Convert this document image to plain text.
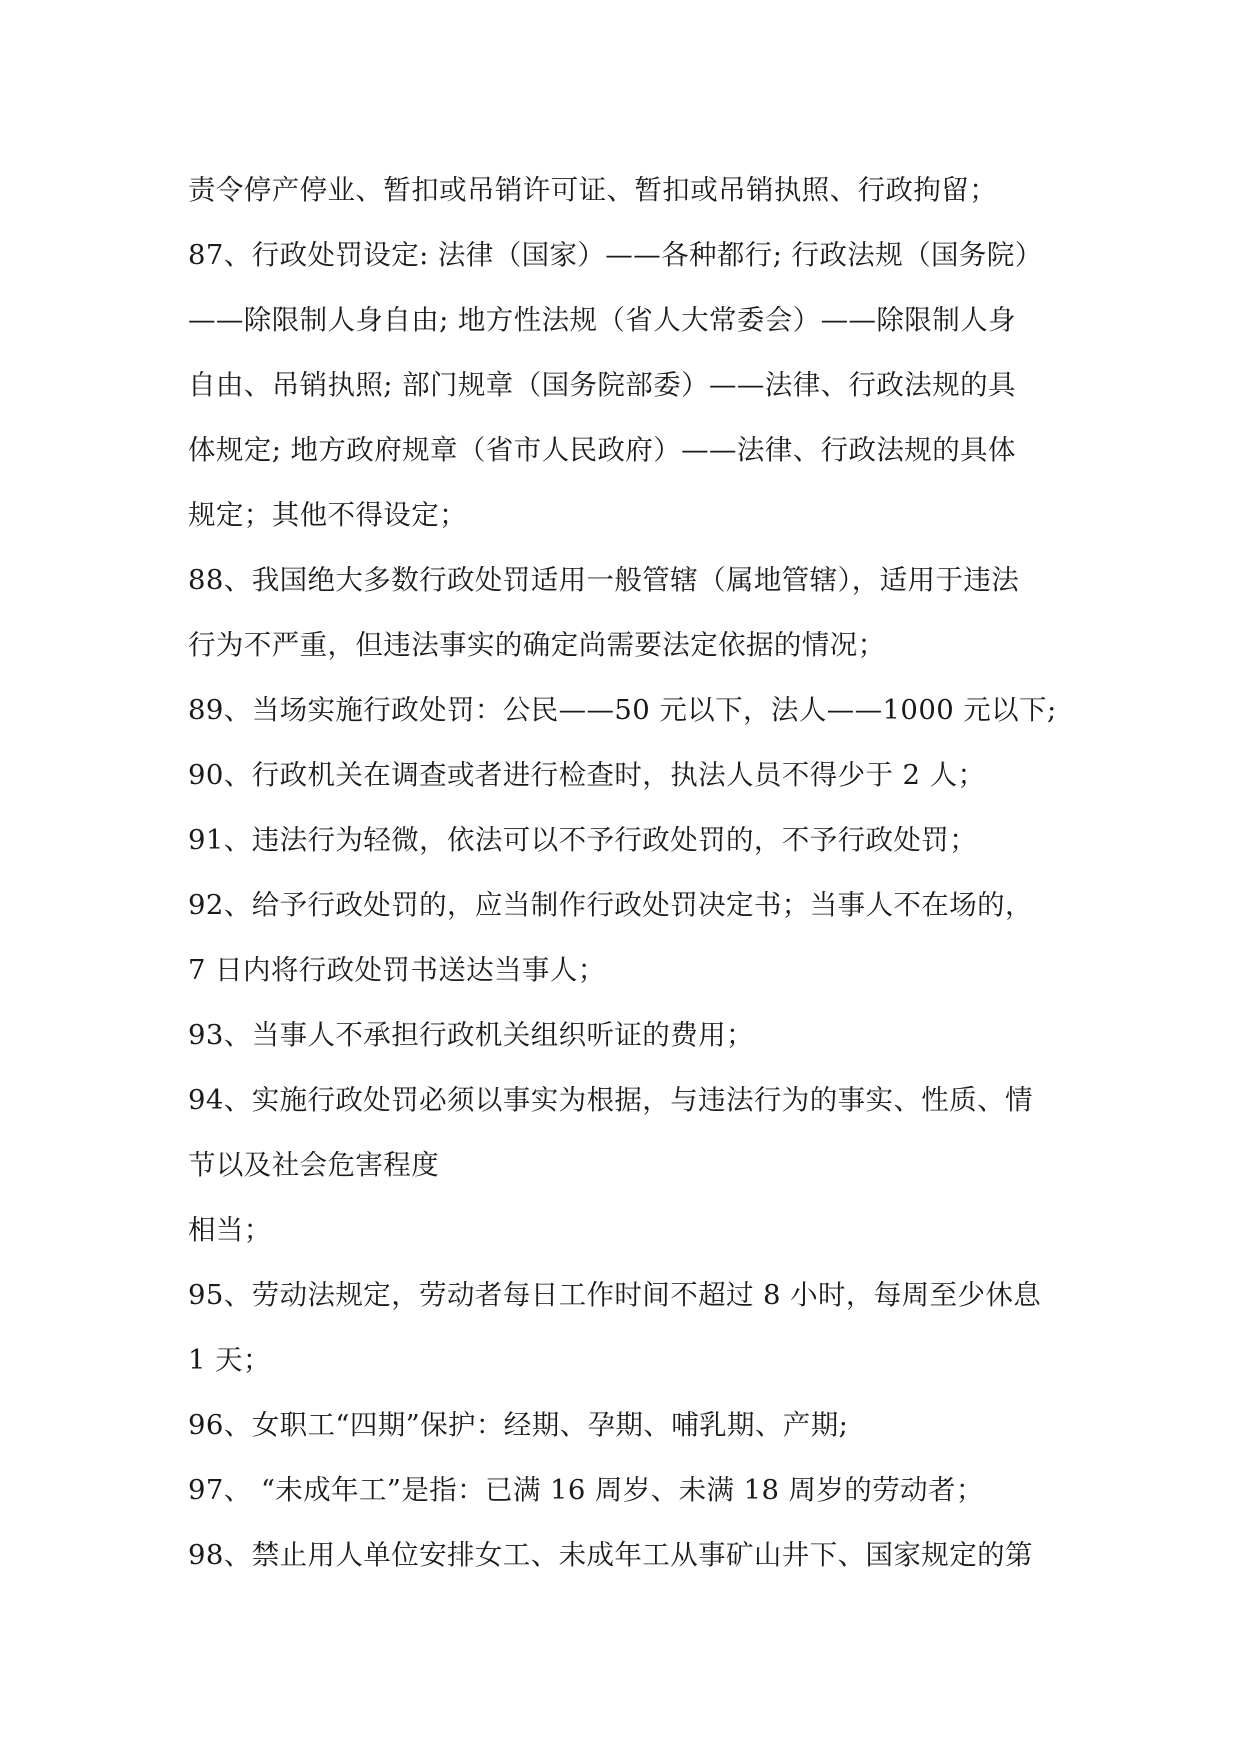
责令停产停业、暂扣或吊销许可证、暂扣或吊销执照、行政拘留；
87、行政处罚设定: 法律（国家）——各种都行; 行政法规（国务院）
——除限制人身自由; 地方性法规（省人大常委会）——除限制人身
自由、吊销执照; 部门规章（国务院部委）——法律、行政法规的具
体规定; 地方政府规章（省市人民政府）——法律、行政法规的具体
规定；其他不得设定；
88、我国绝大多数行政处罚适用一般管辖（属地管辖），适用于违法
行为不严重，但违法事实的确定尚需要法定依据的情况；
89、当场实施行政处罚：公民——50 元以下，法人——1000 元以下;
90、行政机关在调查或者进行检查时，执法人员不得少于 2 人；
91、违法行为轻微，依法可以不予行政处罚的，不予行政处罚；
92、给予行政处罚的，应当制作行政处罚决定书；当事人不在场的，
7 日内将行政处罚书送达当事人；
93、当事人不承担行政机关组织听证的费用；
94、实施行政处罚必须以事实为根据，与违法行为的事实、性质、情
节以及社会危害程度
相当；
95、劳动法规定，劳动者每日工作时间不超过 8 小时，每周至少休息
1 天；
96、女职工“四期”保护：经期、孕期、哺乳期、产期;
97、 “未成年工”是指：已满 16 周岁、未满 18 周岁的劳动者；
98、禁止用人单位安排女工、未成年工从事矿山井下、国家规定的第
